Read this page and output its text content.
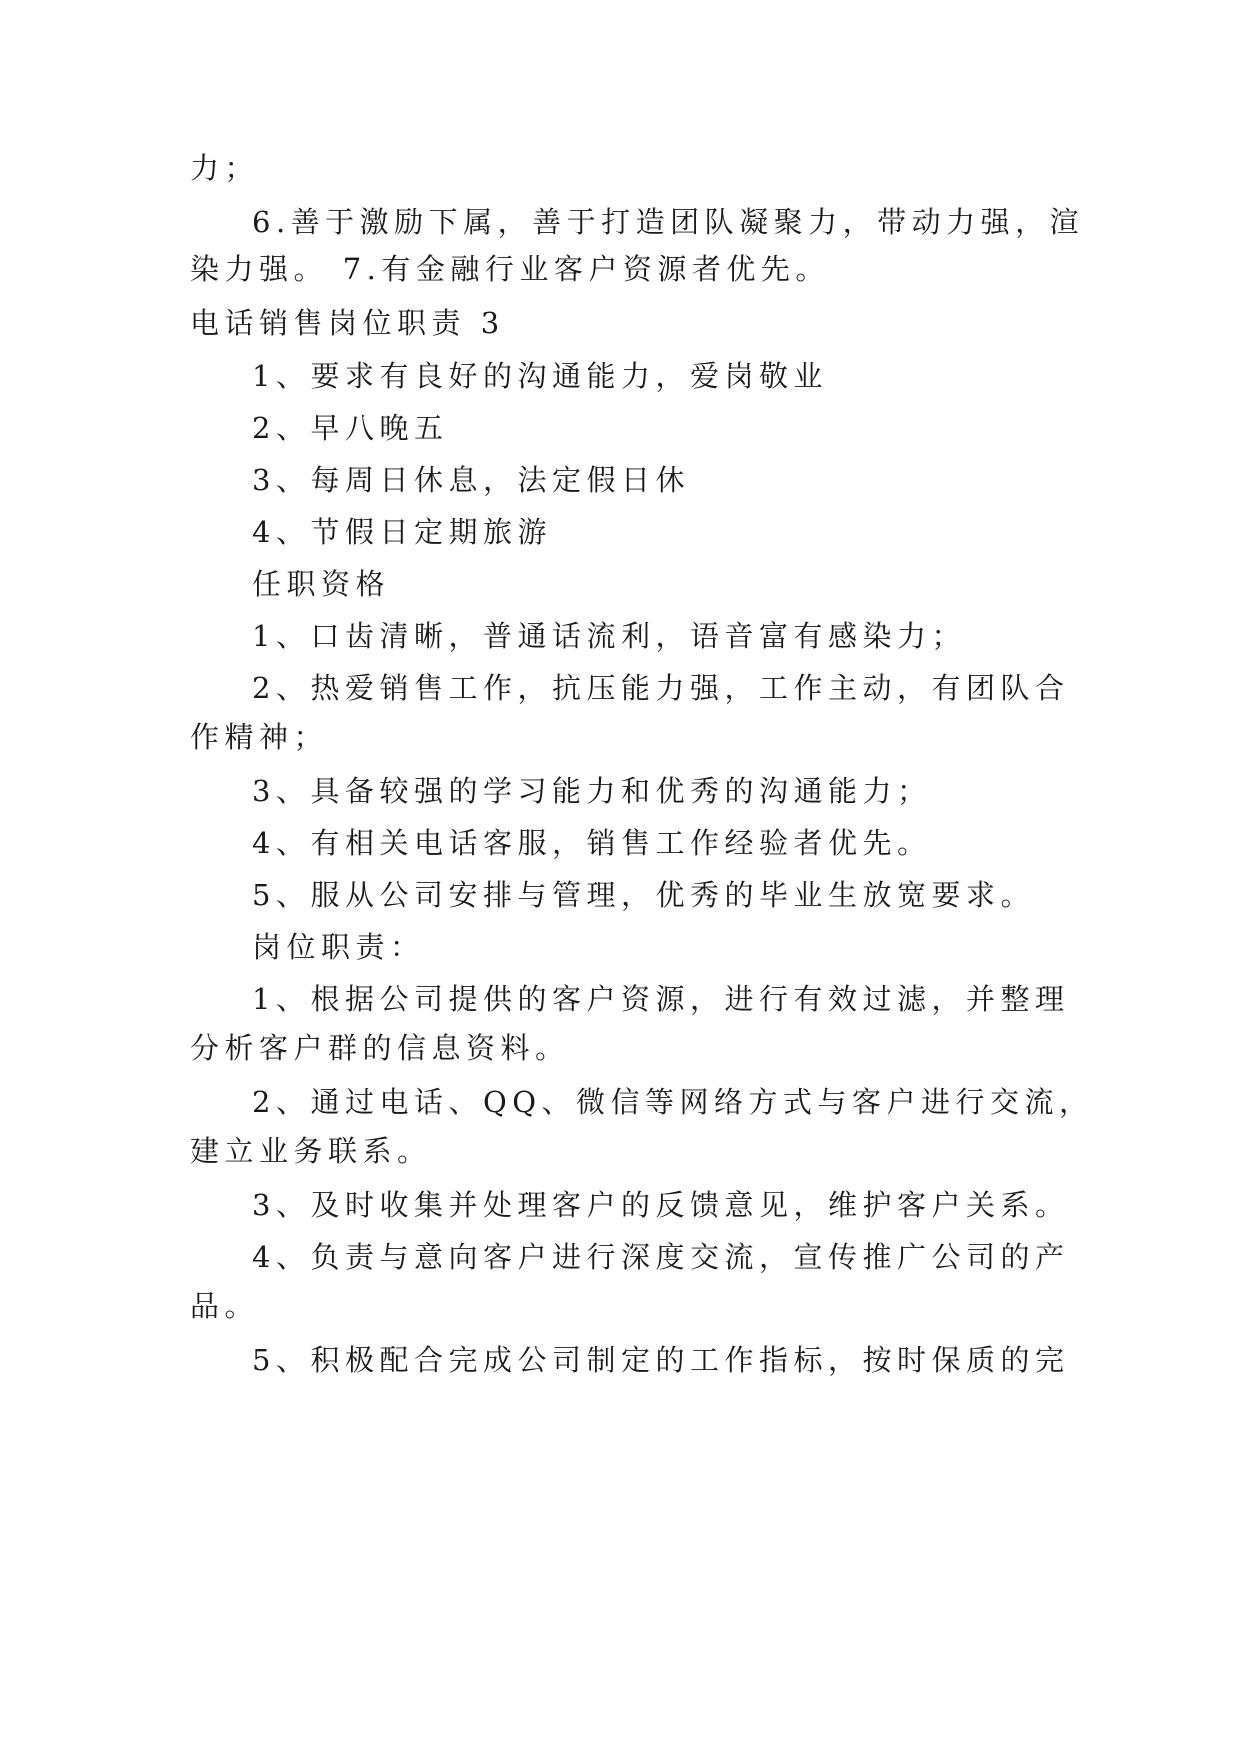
力；
6.善于激励下属，善于打造团队凝聚力，带动力强，渲
染力强。 7.有金融行业客户资源者优先。
电话销售岗位职责 3
1、要求有良好的沟通能力，爱岗敬业
2、早八晚五
3、每周日休息，法定假日休
4、节假日定期旅游
任职资格
1、口齿清晰，普通话流利，语音富有感染力；
2、热爱销售工作，抗压能力强，工作主动，有团队合
作精神；
3、具备较强的学习能力和优秀的沟通能力；
4、有相关电话客服，销售工作经验者优先。
5、服从公司安排与管理，优秀的毕业生放宽要求。
岗位职责：
1、根据公司提供的客户资源，进行有效过滤，并整理
分析客户群的信息资料。
2、通过电话、QQ、微信等网络方式与客户进行交流，
建立业务联系。
3、及时收集并处理客户的反馈意见，维护客户关系。
4、负责与意向客户进行深度交流，宣传推广公司的产
品。
5、积极配合完成公司制定的工作指标，按时保质的完
